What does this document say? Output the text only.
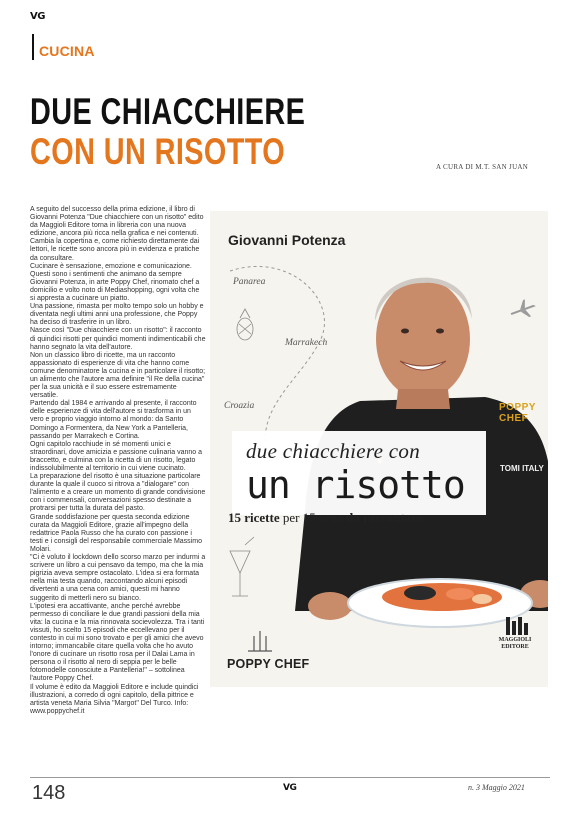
VG
CUCINA
DUE CHIACCHIERE
CON UN RISOTTO	A CURA DI M.T. SAN JUAN

A seguito del successo della prima edizione, il libro di Giovanni Potenza "Due chiacchiere con un risotto" edito da Maggioli Editore torna in libreria con una nuova edizione, ancora più ricca nella grafica e nei contenuti. Cambia la copertina e, come richiesto direttamente dai lettori, le ricette sono ancora più in evidenza e pratiche da consultare.

Cucinare è sensazione, emozione e comunicazione. Questi sono i sentimenti che animano da sempre Giovanni Potenza, in arte Poppy Chef, rinomato chef a domicilio e volto noto di Mediashopping, ogni volta che si appresta a cucinare un piatto.

Una passione, rimasta per molto tempo solo un hobby e diventata negli ultimi anni una professione, che Poppy ha deciso di trasferire in un libro.

Nasce così "Due chiacchiere con un risotto": il racconto di quindici risotti per quindici momenti indimenticabili che hanno segnato la vita dell'autore.

Non un classico libro di ricette, ma un racconto appassionato di esperienze di vita che hanno come comune denominatore la cucina e in particolare il risotto; un alimento che l'autore ama definire "il Re della cucina" per la sua unicità e il suo essere estremamente versatile.

Partendo dal 1984 e arrivando al presente, il racconto delle esperienze di vita dell'autore si trasforma in un vero e proprio viaggio intorno al mondo: da Santo Domingo a Formentera, da New York a Pantelleria, passando per Marrakech e Cortina.

Ogni capitolo racchiude in sé momenti unici e straordinari, dove amicizia e passione culinaria vanno a braccetto, e culmina con la ricetta di un risotto, legato indissolubilmente al territorio in cui viene cucinato.

La preparazione del risotto è una situazione particolare durante la quale il cuoco si ritrova a "dialogare" con l'alimento e a creare un momento di grande condivisione con i commensali, conversazioni spesso destinate a protrarsi per tutta la durata del pasto.

Grande soddisfazione per questa seconda edizione curata da Maggioli Editore, grazie all'impegno della redattrice Paola Russo che ha curato con passione i testi e i consigli del responsabile commerciale Massimo Molari.

"Ci è voluto il lockdown dello scorso marzo per indurmi a scrivere un libro a cui pensavo da tempo, ma che la mia pigrizia aveva sempre ostacolato. L'idea si era formata nella mia testa quando, raccontando alcuni episodi divertenti a una cena con amici, questi mi hanno suggerito di metterli nero su bianco.

L'ipotesi era accattivante, anche perché avrebbe permesso di conciliare le due grandi passioni della mia vita: la cucina e la mia rinnovata socievolezza. Tra i tanti vissuti, ho scelto 15 episodi che eccellevano per il contesto in cui mi sono trovato e per gli amici che avevo intorno; immancabile citare quella volta che ho avuto l'onore di cucinare un risotto rosa per il Dalai Lama in persona o il risotto al nero di seppia per le belle fotomodelle conosciute a Pantelleria!" – sottolinea l'autore Poppy Chef.

Il volume è edito da Maggioli Editore e include quindici illustrazioni, a corredo di ogni capitolo, della pittrice e artista veneta Maria Silvia "Margot" Del Turco. Info: www.poppychef.it

Giovanni Potenza
Panarea
Marrakech
Croazia	POPPY
CHEF
TOMI ITALY
due chiacchiere con
un risotto
15 ricette per 15 cene da raccontare
POPPY CHEF
MAGGIOLI
EDITORE
148	VG	n. 3 Maggio 2021
